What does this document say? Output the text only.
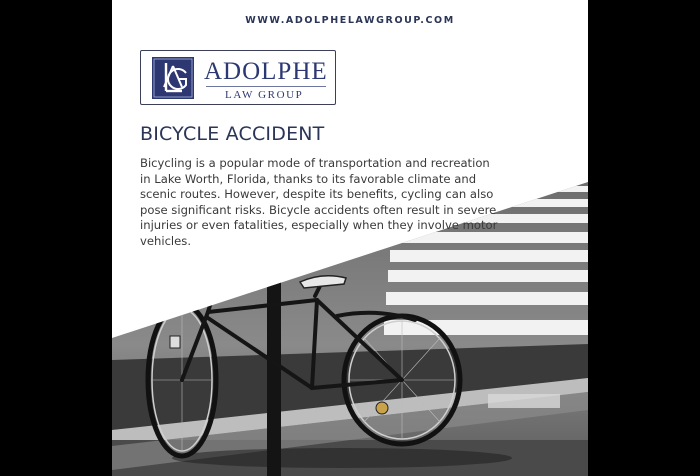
WWW.ADOLPHELAWGROUP.COM
ADOLPHE
LAW GROUP
BICYCLE ACCIDENT
Bicycling is a popular mode of transportation and recreation in Lake Worth, Florida, thanks to its favorable climate and scenic routes. However, despite its benefits, cycling can also pose significant risks. Bicycle accidents often result in severe injuries or even fatalities, especially when they involve motor vehicles.
